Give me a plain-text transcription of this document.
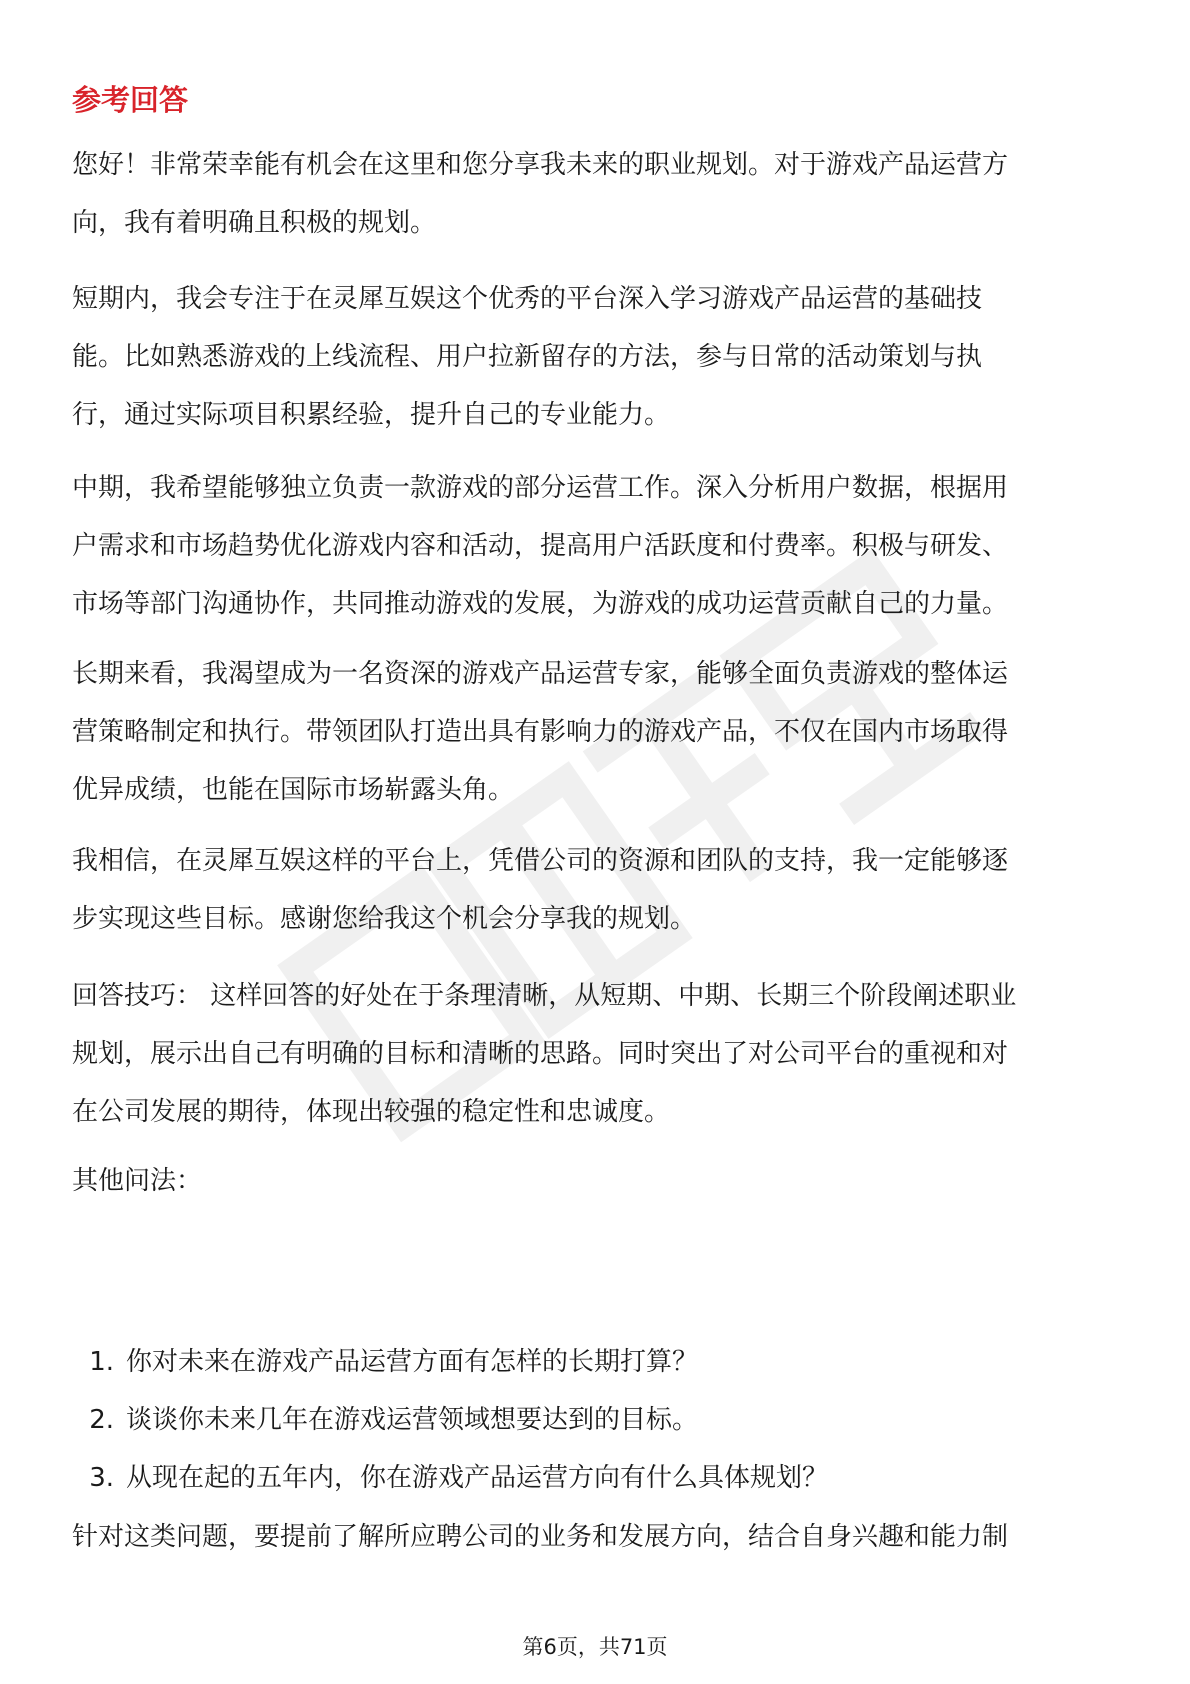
参考回答

您好！非常荣幸能有机会在这里和您分享我未来的职业规划。对于游戏产品运营方
向，我有着明确且积极的规划。

短期内，我会专注于在灵犀互娱这个优秀的平台深入学习游戏产品运营的基础技
能。比如熟悉游戏的上线流程、用户拉新留存的方法，参与日常的活动策划与执
行，通过实际项目积累经验，提升自己的专业能力。

中期，我希望能够独立负责一款游戏的部分运营工作。深入分析用户数据，根据用
户需求和市场趋势优化游戏内容和活动，提高用户活跃度和付费率。积极与研发、
市场等部门沟通协作，共同推动游戏的发展，为游戏的成功运营贡献自己的力量。

长期来看，我渴望成为一名资深的游戏产品运营专家，能够全面负责游戏的整体运
营策略制定和执行。带领团队打造出具有影响力的游戏产品，不仅在国内市场取得
优异成绩，也能在国际市场崭露头角。

我相信，在灵犀互娱这样的平台上，凭借公司的资源和团队的支持，我一定能够逐
步实现这些目标。感谢您给我这个机会分享我的规划。

回答技巧： 这样回答的好处在于条理清晰，从短期、中期、长期三个阶段阐述职业
规划，展示出自己有明确的目标和清晰的思路。同时突出了对公司平台的重视和对
在公司发展的期待，体现出较强的稳定性和忠诚度。

其他问法：

1. 你对未来在游戏产品运营方面有怎样的长期打算？
2. 谈谈你未来几年在游戏运营领域想要达到的目标。
3. 从现在起的五年内，你在游戏产品运营方向有什么具体规划？

针对这类问题，要提前了解所应聘公司的业务和发展方向，结合自身兴趣和能力制

第6页，共71页
